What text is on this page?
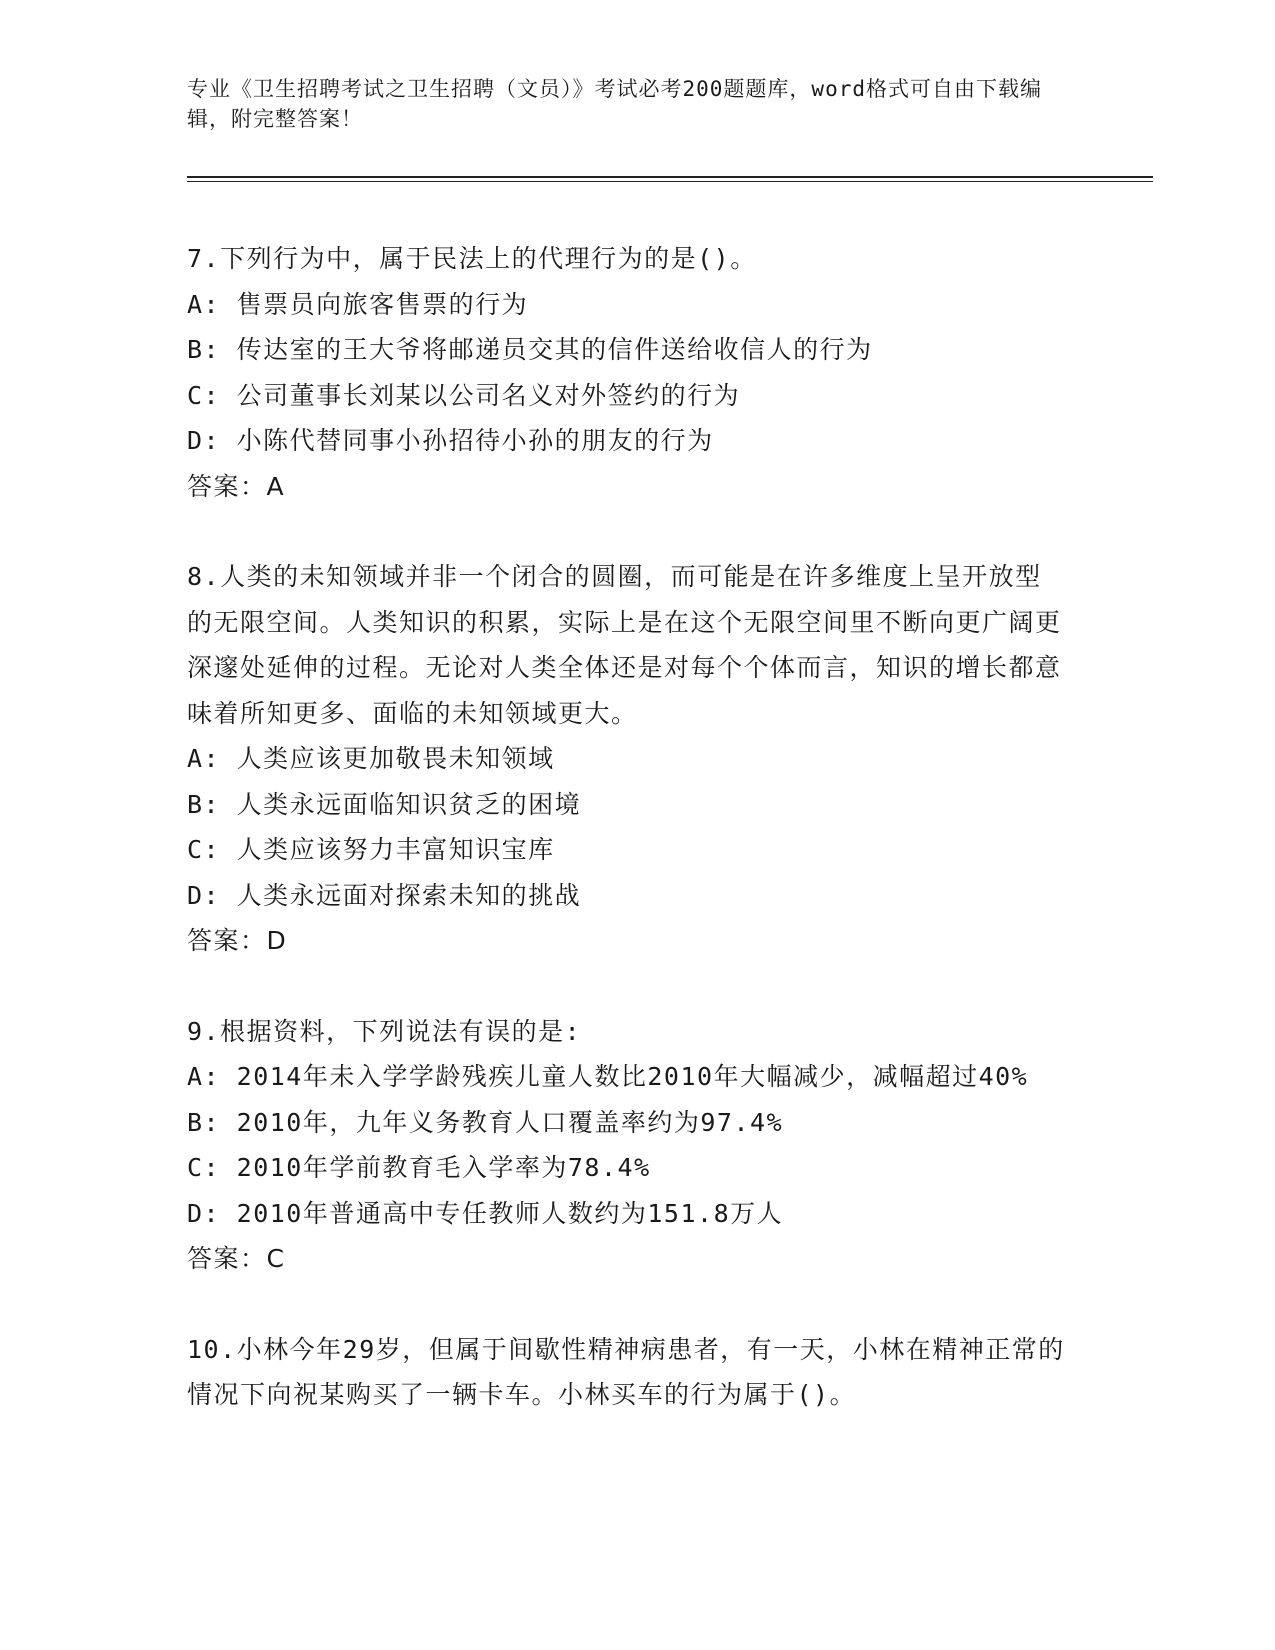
专业《卫生招聘考试之卫生招聘（文员）》考试必考200题题库，word格式可自由下载编辑，附完整答案！
7.下列行为中，属于民法上的代理行为的是()。
A: 售票员向旅客售票的行为
B: 传达室的王大爷将邮递员交其的信件送给收信人的行为
C: 公司董事长刘某以公司名义对外签约的行为
D: 小陈代替同事小孙招待小孙的朋友的行为
答案：A
8.人类的未知领域并非一个闭合的圆圈，而可能是在许多维度上呈开放型的无限空间。人类知识的积累，实际上是在这个无限空间里不断向更广阔更深邃处延伸的过程。无论对人类全体还是对每个个体而言，知识的增长都意味着所知更多、面临的未知领域更大。
A: 人类应该更加敬畏未知领域
B: 人类永远面临知识贫乏的困境
C: 人类应该努力丰富知识宝库
D: 人类永远面对探索未知的挑战
答案：D
9.根据资料，下列说法有误的是:
A: 2014年未入学学龄残疾儿童人数比2010年大幅减少，减幅超过40%
B: 2010年，九年义务教育人口覆盖率约为97.4%
C: 2010年学前教育毛入学率为78.4%
D: 2010年普通高中专任教师人数约为151.8万人
答案：C
10.小林今年29岁，但属于间歇性精神病患者，有一天，小林在精神正常的情况下向祝某购买了一辆卡车。小林买车的行为属于()。
